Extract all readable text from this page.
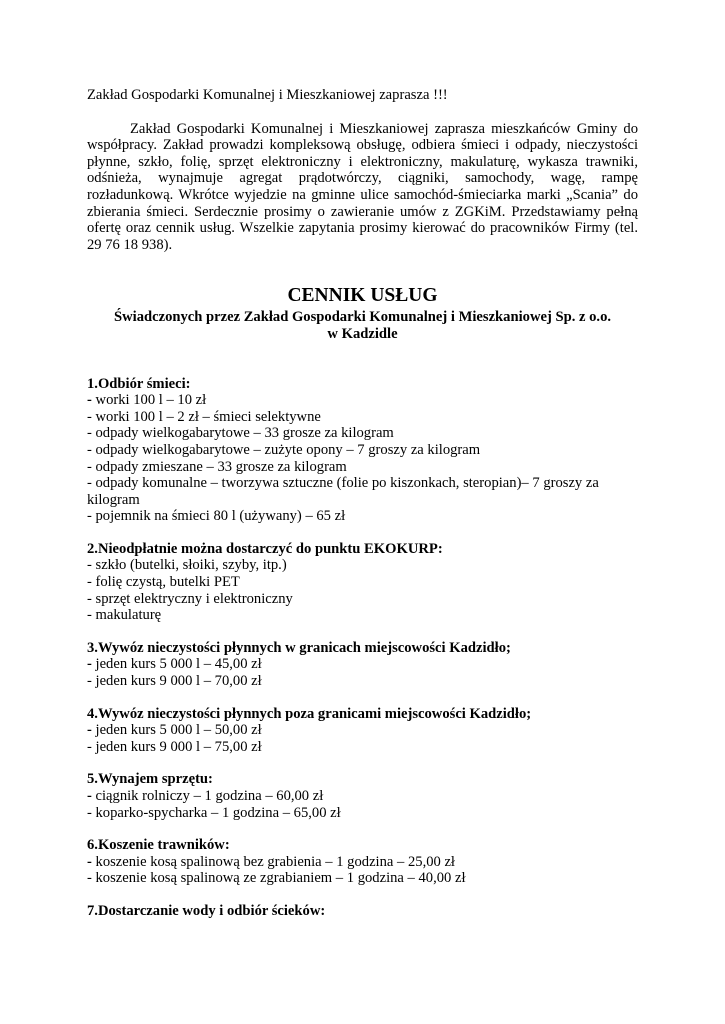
Zakład Gospodarki Komunalnej i Mieszkaniowej zaprasza !!!

Zakład Gospodarki Komunalnej i Mieszkaniowej zaprasza mieszkańców Gminy do współpracy. Zakład prowadzi kompleksową obsługę, odbiera śmieci i odpady, nieczystości płynne, szkło, folię, sprzęt elektroniczny i elektroniczny, makulaturę, wykasza trawniki, odśnieża, wynajmuje agregat prądotwórczy, ciągniki, samochody, wagę, rampę rozładunkową. Wkrótce wyjedzie na gminne ulice samochód-śmieciarka marki „Scania” do zbierania śmieci. Serdecznie prosimy o zawieranie umów z ZGKiM. Przedstawiamy pełną ofertę oraz cennik usług. Wszelkie zapytania prosimy kierować do pracowników Firmy (tel. 29 76 18 938).

CENNIK USŁUG
Świadczonych przez Zakład Gospodarki Komunalnej i Mieszkaniowej Sp. z o.o.
w Kadzidle

1.Odbiór śmieci:

- worki 100 l – 10 zł
- worki 100 l – 2 zł – śmieci selektywne
- odpady wielkogabarytowe – 33 grosze za kilogram
- odpady wielkogabarytowe – zużyte opony – 7 groszy za kilogram
- odpady zmieszane – 33 grosze za kilogram
- odpady komunalne – tworzywa sztuczne (folie po kiszonkach, steropian)– 7 groszy za kilogram
- pojemnik na śmieci 80 l (używany) – 65 zł

2.Nieodpłatnie można dostarczyć do punktu EKOKURP:

- szkło (butelki, słoiki, szyby, itp.)
- folię czystą, butelki PET
- sprzęt elektryczny i elektroniczny
- makulaturę

3.Wywóz nieczystości płynnych w granicach miejscowości Kadzidło;

- jeden kurs 5 000 l – 45,00 zł
- jeden kurs 9 000 l – 70,00 zł

4.Wywóz nieczystości płynnych poza granicami miejscowości Kadzidło;

- jeden kurs 5 000 l – 50,00 zł
- jeden kurs 9 000 l – 75,00 zł

5.Wynajem sprzętu:

- ciągnik rolniczy – 1 godzina – 60,00 zł
- koparko-spycharka – 1 godzina – 65,00 zł

6.Koszenie trawników:

- koszenie kosą spalinową bez grabienia – 1 godzina – 25,00 zł
- koszenie kosą spalinową ze zgrabianiem – 1 godzina – 40,00 zł

7.Dostarczanie wody i odbiór ścieków:
